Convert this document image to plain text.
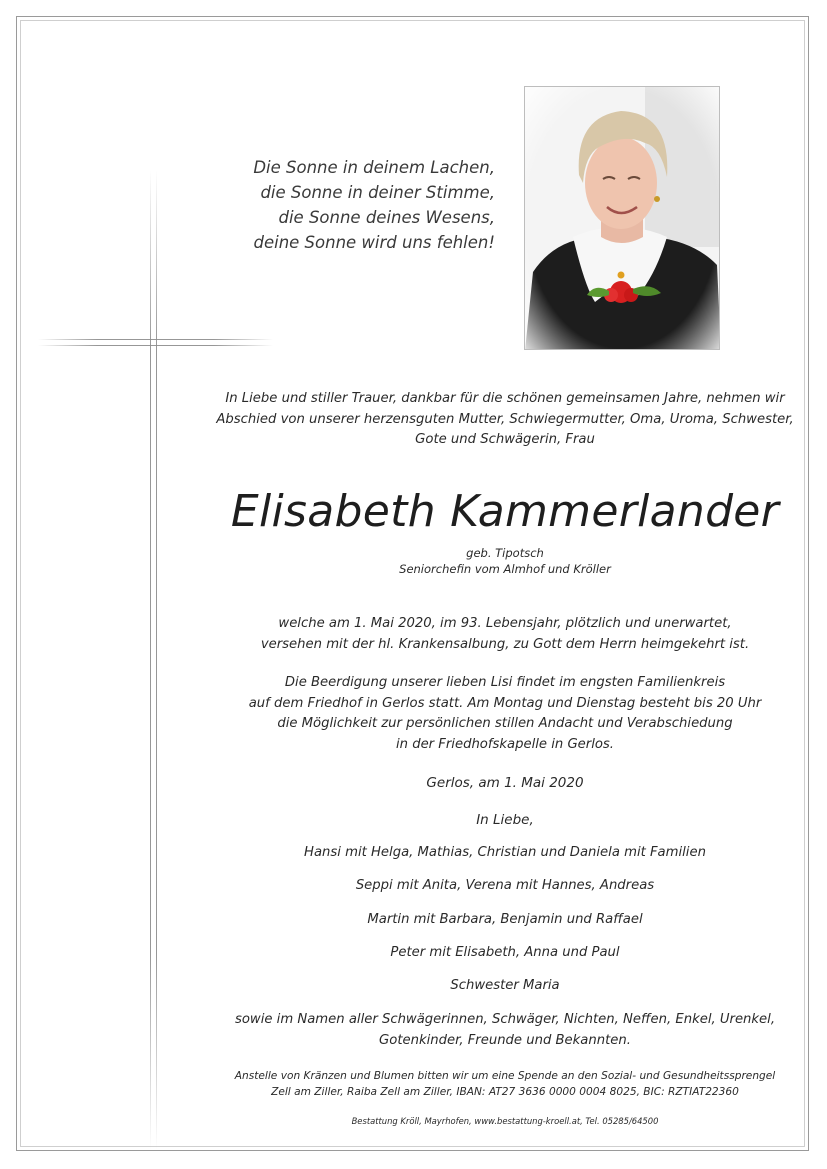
Die Sonne in deinem Lachen,
die Sonne in deiner Stimme,
die Sonne deines Wesens,
deine Sonne wird uns fehlen!
In Liebe und stiller Trauer, dankbar für die schönen gemeinsamen Jahre, nehmen wir
Abschied von unserer herzensguten Mutter, Schwiegermutter, Oma, Uroma, Schwester,
Gote und Schwägerin, Frau
Elisabeth Kammerlander
geb. Tipotsch
Seniorchefin vom Almhof und Kröller
welche am 1. Mai 2020, im 93. Lebensjahr, plötzlich und unerwartet,
versehen mit der hl. Krankensalbung, zu Gott dem Herrn heimgekehrt ist.
Die Beerdigung unserer lieben Lisi findet im engsten Familienkreis
auf dem Friedhof in Gerlos statt. Am Montag und Dienstag besteht bis 20 Uhr
die Möglichkeit zur persönlichen stillen Andacht und Verabschiedung
in der Friedhofskapelle in Gerlos.
Gerlos, am 1. Mai 2020
In Liebe,
Hansi mit Helga, Mathias, Christian und Daniela mit Familien
Seppi mit Anita, Verena mit Hannes, Andreas
Martin mit Barbara, Benjamin und Raffael
Peter mit Elisabeth, Anna und Paul
Schwester Maria
sowie im Namen aller Schwägerinnen, Schwäger, Nichten, Neffen, Enkel, Urenkel,
Gotenkinder, Freunde und Bekannten.
Anstelle von Kränzen und Blumen bitten wir um eine Spende an den Sozial- und Gesundheitssprengel
Zell am Ziller, Raiba Zell am Ziller, IBAN: AT27 3636 0000 0004 8025, BIC: RZTIAT22360
Bestattung Kröll, Mayrhofen, www.bestattung-kroell.at, Tel. 05285/64500
